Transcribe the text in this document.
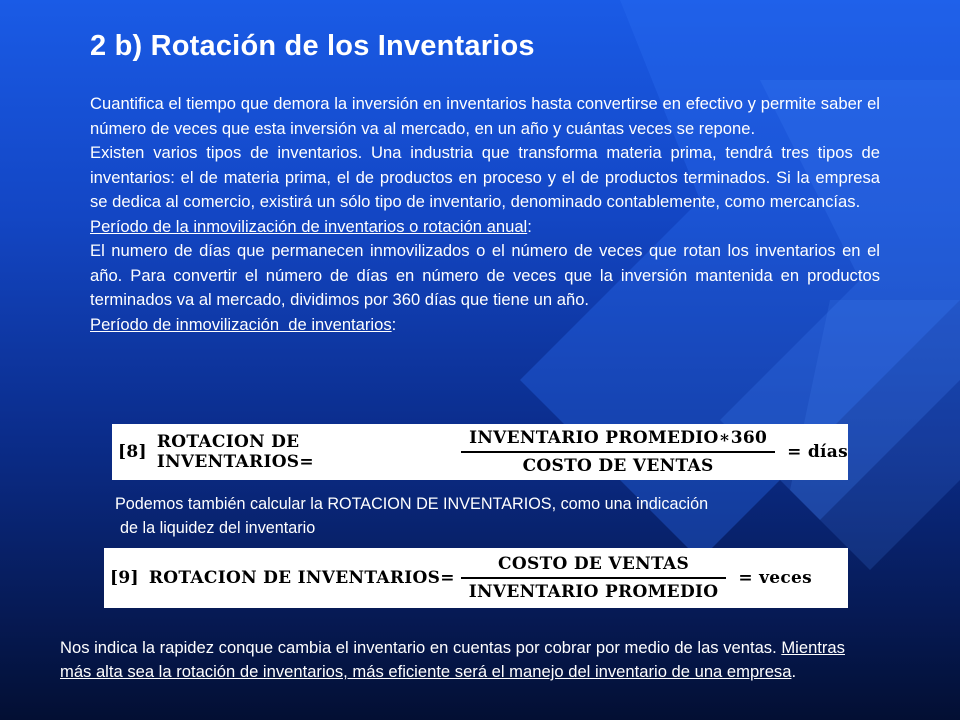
2 b) Rotación de los Inventarios

Cuantifica el tiempo que demora la inversión en inventarios hasta convertirse en efectivo y permite saber el número de veces que esta inversión va al mercado, en un año y cuántas veces se repone.

Existen varios tipos de inventarios. Una industria que transforma materia prima, tendrá tres tipos de inventarios: el de materia prima, el de productos en proceso y el de productos terminados. Si la empresa se dedica al comercio, existirá un sólo tipo de inventario, denominado contablemente, como mercancías.

Período de la inmovilización de inventarios o rotación anual:

El numero de días que permanecen inmovilizados o el número de veces que rotan los inventarios en el año. Para convertir el número de días en número de veces que la inversión mantenida en productos terminados va al mercado, dividimos por 360 días que tiene un año.

Período de inmovilización  de inventarios:

[8] ROTACION DE INVENTARIOS=	$\frac{\text{INVENTARIO PROMEDIO∗360}}{\text{COSTO DE VENTAS}}$ = días

Podemos también calcular la ROTACION DE INVENTARIOS, como una indicación

de la liquidez del inventario

[9] ROTACION DE INVENTARIOS= $\frac{\text{COSTO DE VENTAS}}{\text{INVENTARIO PROMEDIO}}$ = veces

Nos indica la rapidez conque cambia el inventario en cuentas por cobrar por medio de las ventas. Mientras más alta sea la rotación de inventarios, más eficiente será el manejo del inventario de una empresa.
